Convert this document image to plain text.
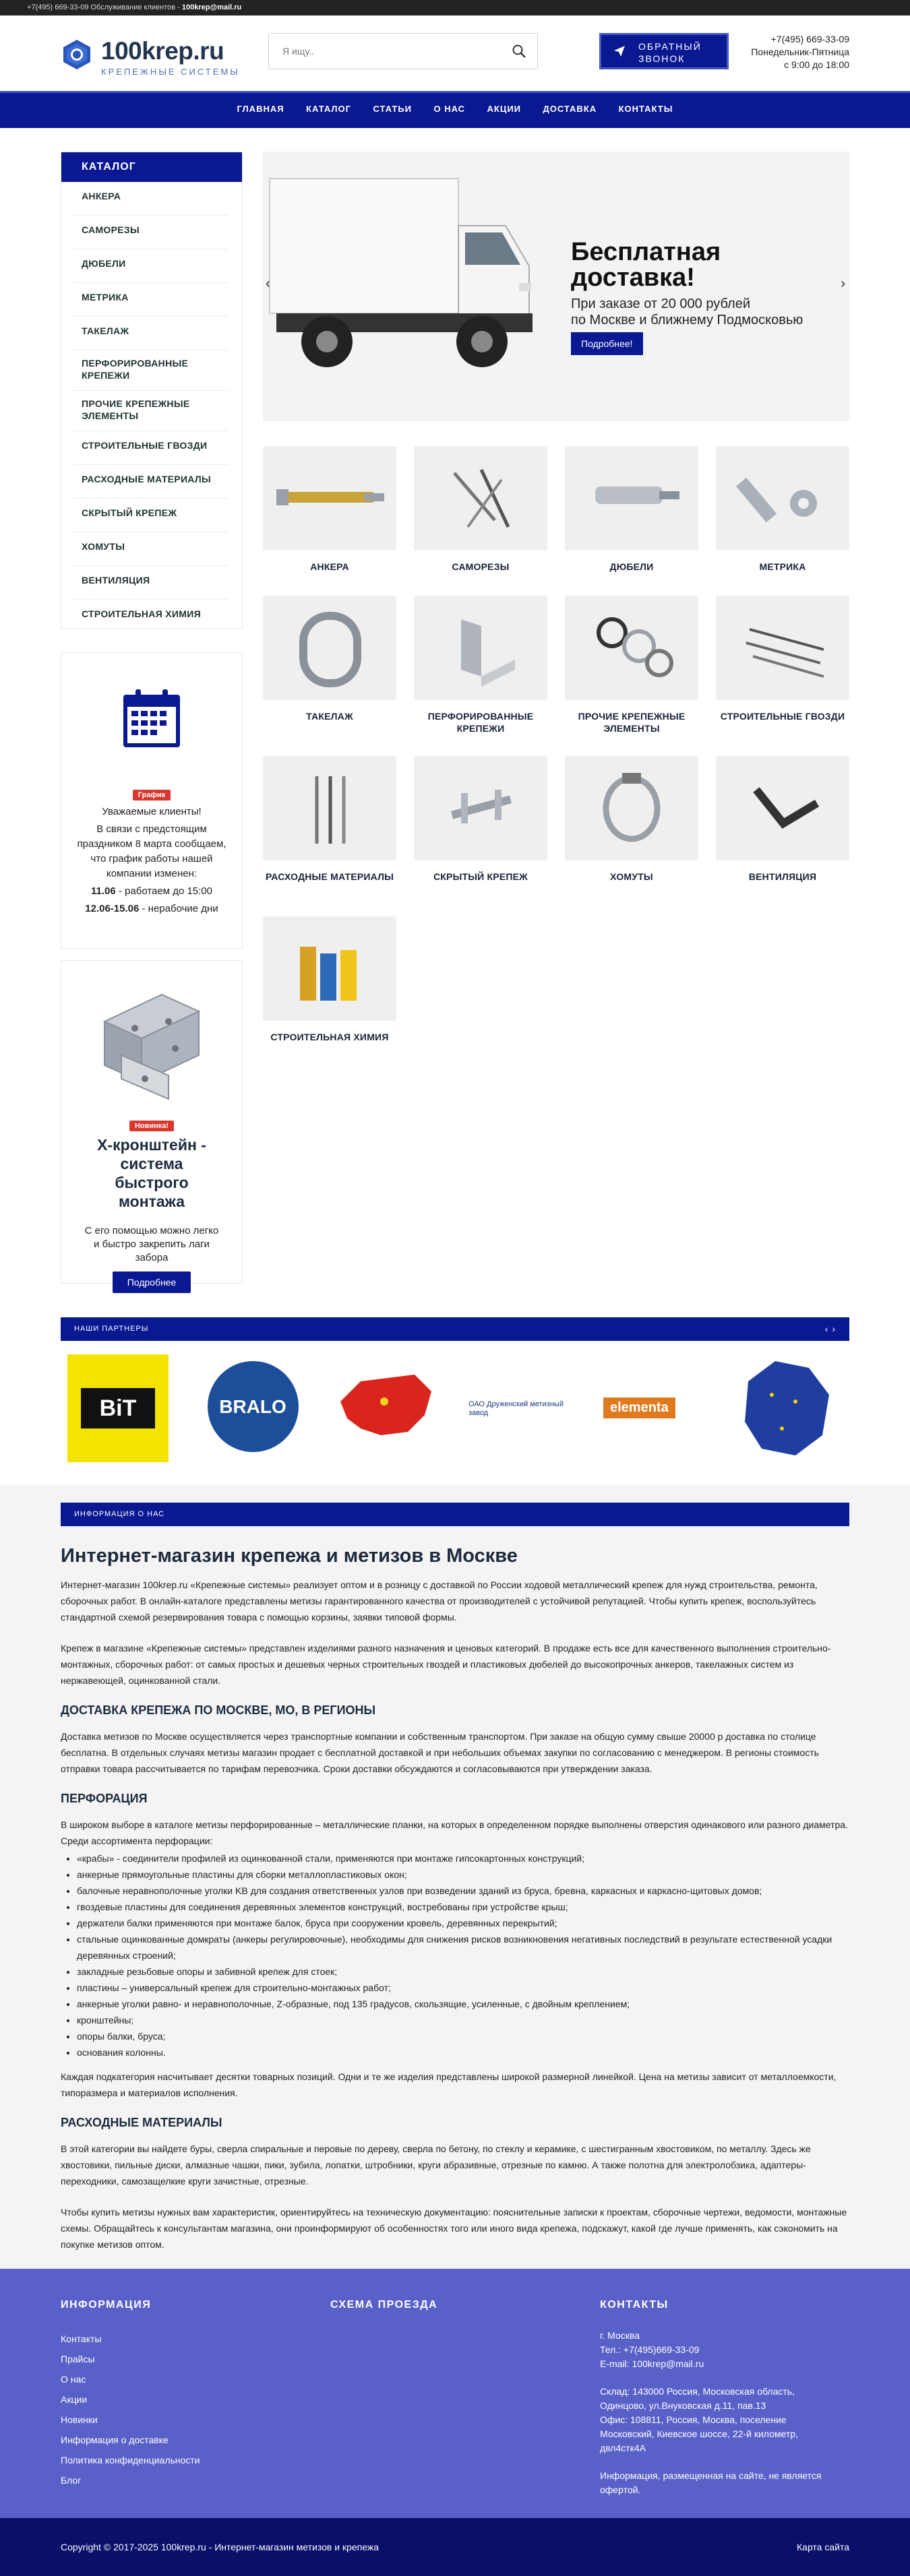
+7(495) 669-33-09 Обслуживание клиентов - 100krep@mail.ru
100krep.ru
КРЕПЕЖНЫЕ СИСТЕМЫ
Я ищу..	ОБРАТНЫЙ
ЗВОНОК
+7(495) 669-33-09
Понедельник-Пятница
с 9:00 до 18:00
ГЛАВНАЯ КАТАЛОГ СТАТЬИ О НАС АКЦИИ ДОСТАВКА КОНТАКТЫ
КАТАЛОГ
АНКЕРА
САМОРЕЗЫ
ДЮБЕЛИ
МЕТРИКА
ТАКЕЛАЖ
ПЕРФОРИРОВАННЫЕ КРЕПЕЖИ
ПРОЧИЕ КРЕПЕЖНЫЕ ЭЛЕМЕНТЫ
СТРОИТЕЛЬНЫЕ ГВОЗДИ
РАСХОДНЫЕ МАТЕРИАЛЫ
СКРЫТЫЙ КРЕПЕЖ
ХОМУТЫ
ВЕНТИЛЯЦИЯ
СТРОИТЕЛЬНАЯ ХИМИЯ
График
Уважаемые клиенты!
В связи с предстоящим праздником 8 марта сообщаем, что график работы нашей компании изменен:
11.06 - работаем до 15:00
12.06-15.06 - нерабочие дни
Новинка!
Х-кронштейн - система быстрого монтажа
С его помощью можно легко и быстро закрепить лаги забора
Подробнее
‹	›
Бесплатная
доставка!
При заказе от 20 000 рублей
по Москве и ближнему Подмосковью
Подробнее!
АНКЕРА	САМОРЕЗЫ	ДЮБЕЛИ	МЕТРИКА
ТАКЕЛАЖ	ПЕРФОРИРОВАННЫЕ КРЕПЕЖИ
ПРОЧИЕ КРЕПЕЖНЫЕ ЭЛЕМЕНТЫ
СТРОИТЕЛЬНЫЕ ГВОЗДИ
РАСХОДНЫЕ МАТЕРИАЛЫ	СКРЫТЫЙ КРЕПЕЖ	ХОМУТЫ	ВЕНТИЛЯЦИЯ
СТРОИТЕЛЬНАЯ ХИМИЯ
НАШИ ПАРТНЕРЫ	‹ ›
BiT	BRALO	ОАО Друженский метизный завод	elementa
ИНФОРМАЦИЯ О НАС
Интернет-магазин крепежа и метизов в Москве
Интернет-магазин 100krep.ru «Крепежные системы» реализует оптом и в розницу с доставкой по России ходовой металлический крепеж для нужд строительства, ремонта, сборочных работ. В онлайн-каталоге представлены метизы гарантированного качества от производителей с устойчивой репутацией. Чтобы купить крепеж, воспользуйтесь стандартной схемой резервирования товара с помощью корзины, заявки типовой формы.
Крепеж в магазине «Крепежные системы» представлен изделиями разного назначения и ценовых категорий. В продаже есть все для качественного выполнения строительно-монтажных, сборочных работ: от самых простых и дешевых черных строительных гвоздей и пластиковых дюбелей до высокопрочных анкеров, такелажных систем из нержавеющей, оцинкованной стали.
ДОСТАВКА КРЕПЕЖА ПО МОСКВЕ, МО, В РЕГИОНЫ
Доставка метизов по Москве осуществляется через транспортные компании и собственным транспортом. При заказе на общую сумму свыше 20000 р доставка по столице бесплатна. В отдельных случаях метизы магазин продает с бесплатной доставкой и при небольших объемах закупки по согласованию с менеджером. В регионы стоимость отправки товара рассчитывается по тарифам перевозчика. Сроки доставки обсуждаются и согласовываются при утверждении заказа.
ПЕРФОРАЦИЯ
В широком выборе в каталоге метизы перфорированные – металлические планки, на которых в определенном порядке выполнены отверстия одинакового или разного диаметра. Среди ассортимента перфорации:
• «крабы» - соединители профилей из оцинкованной стали, применяются при монтаже гипсокартонных конструкций;
• анкерные прямоугольные пластины для сборки металлопластиковых окон;
• балочные неравнополочные уголки KB для создания ответственных узлов при возведении зданий из бруса, бревна, каркасных и каркасно-щитовых домов;
• гвоздевые пластины для соединения деревянных элементов конструкций, востребованы при устройстве крыш;
• держатели балки применяются при монтаже балок, бруса при сооружении кровель, деревянных перекрытий;
• стальные оцинкованные домкраты (анкеры регулировочные), необходимы для снижения рисков возникновения негативных последствий в результате естественной усадки деревянных строений;
• закладные резьбовые опоры и забивной крепеж для стоек;
• пластины – универсальный крепеж для строительно-монтажных работ;
• анкерные уголки равно- и неравнополочные, Z-образные, под 135 градусов, скользящие, усиленные, с двойным креплением;
• кронштейны;
• опоры балки, бруса;
• основания колонны.
Каждая подкатегория насчитывает десятки товарных позиций. Одни и те же изделия представлены широкой размерной линейкой. Цена на метизы зависит от металлоемкости, типоразмера и материалов исполнения.
РАСХОДНЫЕ МАТЕРИАЛЫ
В этой категории вы найдете буры, сверла спиральные и перовые по дереву, сверла по бетону, по стеклу и керамике, с шестигранным хвостовиком, по металлу. Здесь же хвостовики, пильные диски, алмазные чашки, пики, зубила, лопатки, штробники, круги абразивные, отрезные по камню. А также полотна для электролобзика, адаптеры-переходники, самозащелкие круги зачистные, отрезные.
Чтобы купить метизы нужных вам характеристик, ориентируйтесь на техническую документацию: пояснительные записки к проектам, сборочные чертежи, ведомости, монтажные схемы. Обращайтесь к консультантам магазина, они проинформируют об особенностях того или иного вида крепежа, подскажут, какой где лучше применять, как сэкономить на покупке метизов оптом.
ИНФОРМАЦИЯ
Контакты
Прайсы
О нас
Акции
Новинки
Информация о доставке
Политика конфиденциальности
Блог
СХЕМА ПРОЕЗДА	КОНТАКТЫ
г. Москва
Тел.: +7(495)669-33-09
E-mail: 100krep@mail.ru
Склад: 143000 Россия, Московская область, Одинцово, ул.Внуковская д.11, пав.13
Офис: 108811, Россия, Москва, поселение Московский, Киевское шоссе, 22-й километр, двл4стк4А
Информация, размещенная на сайте, не является офертой.
Copyright © 2017-2025 100krep.ru - Интернет-магазин метизов и крепежа	Карта сайта
